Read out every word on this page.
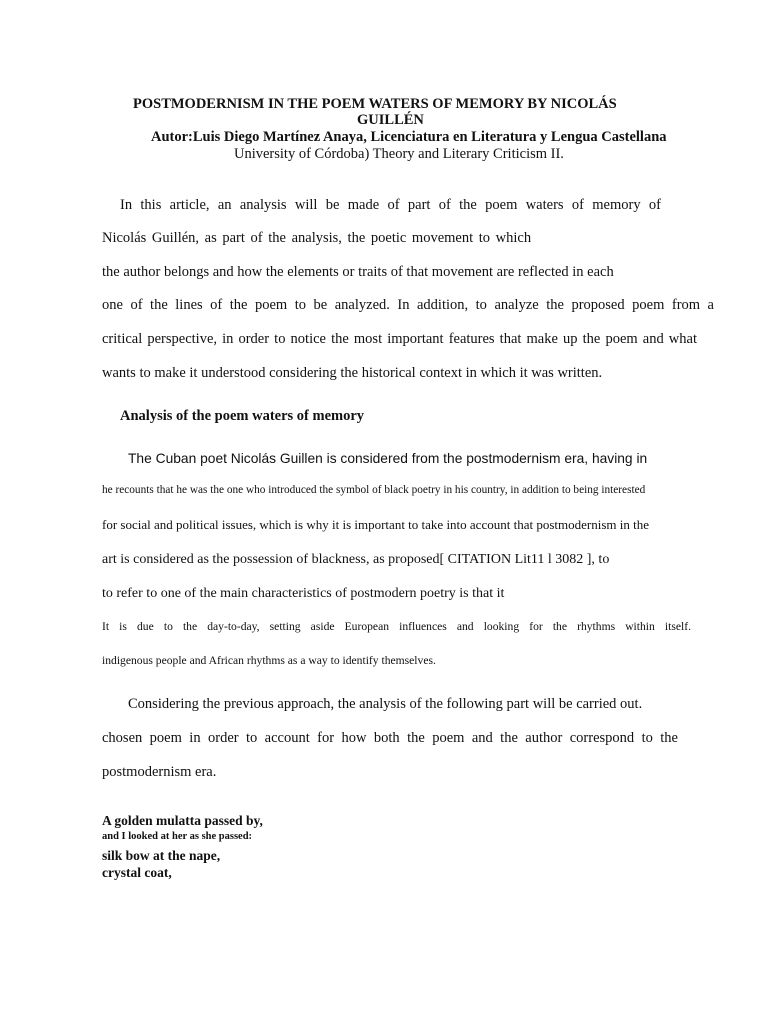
POSTMODERNISM IN THE POEM WATERS OF MEMORY BY NICOLÁS
GUILLÉN
Autor:Luis Diego Martínez Anaya, Licenciatura en Literatura y Lengua Castellana
University of Córdoba) Theory and Literary Criticism II.
In this article, an analysis will be made of part of the poem waters of memory of
Nicolás Guillén, as part of the analysis, the poetic movement to which
the author belongs and how the elements or traits of that movement are reflected in each
one of the lines of the poem to be analyzed. In addition, to analyze the proposed poem from a
critical perspective, in order to notice the most important features that make up the poem and what
wants to make it understood considering the historical context in which it was written.
Analysis of the poem waters of memory
The Cuban poet Nicolás Guillen is considered from the postmodernism era, having in
he recounts that he was the one who introduced the symbol of black poetry in his country, in addition to being interested
for social and political issues, which is why it is important to take into account that postmodernism in the
art is considered as the possession of blackness, as proposed[ CITATION Lit11 l 3082 ], to
to refer to one of the main characteristics of postmodern poetry is that it
It is due to the day-to-day, setting aside European influences and looking for the rhythms within itself.
indigenous people and African rhythms as a way to identify themselves.
Considering the previous approach, the analysis of the following part will be carried out.
chosen poem in order to account for how both the poem and the author correspond to the
postmodernism era.
A golden mulatta passed by,
and I looked at her as she passed:
silk bow at the nape,
crystal coat,
